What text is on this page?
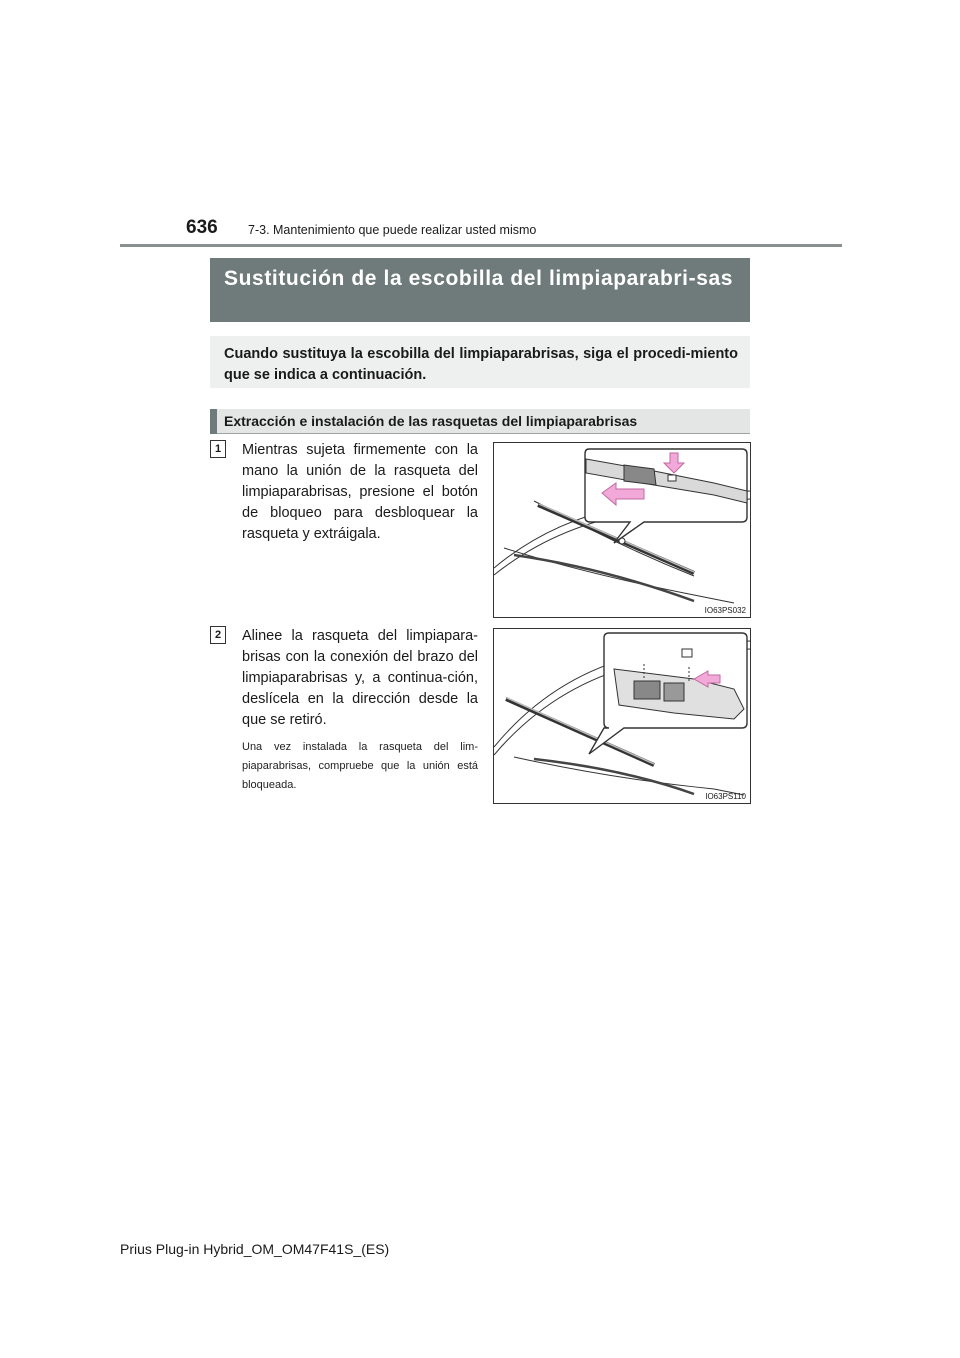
636 7-3. Mantenimiento que puede realizar usted mismo
Sustitución de la escobilla del limpiaparabri-sas
Cuando sustituya la escobilla del limpiaparabrisas, siga el procedi-miento que se indica a continuación.
Extracción e instalación de las rasquetas del limpiaparabrisas
1	Mientras sujeta firmemente con la mano la unión de la rasqueta del limpiaparabrisas, presione el botón de bloqueo para desbloquear la rasqueta y extráigala.
IO63PS032
2	Alinee la rasqueta del limpiapara-brisas con la conexión del brazo del limpiaparabrisas y, a continua-ción, deslícela en la dirección desde la que se retiró.
Una vez instalada la rasqueta del lim-piaparabrisas, compruebe que la unión está bloqueada.
IO63PS110
Prius Plug-in Hybrid_OM_OM47F41S_(ES)
